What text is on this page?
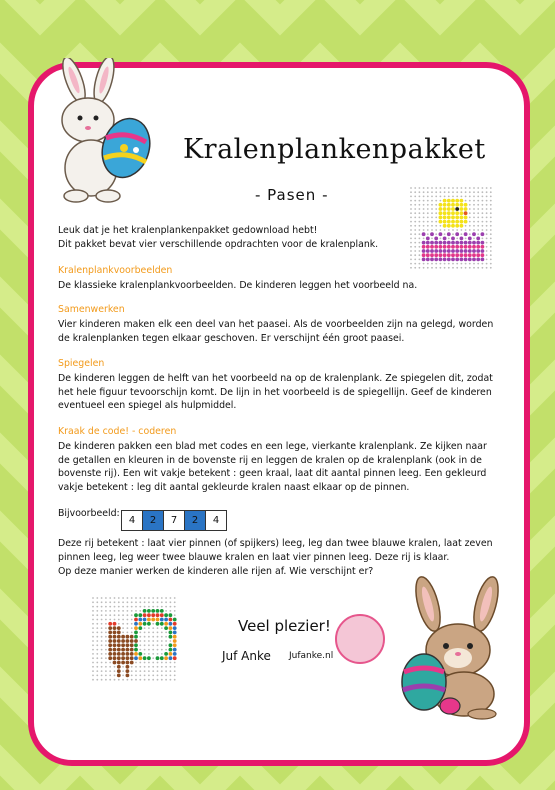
Kralenplankenpakket
- Pasen -

Leuk dat je het kralenplankenpakket gedownload hebt!

Dit pakket bevat vier verschillende opdrachten voor de kralenplank.

Kralenplankvoorbeelden

De klassieke kralenplankvoorbeelden. De kinderen leggen het voorbeeld na.

Samenwerken

Vier kinderen maken elk een deel van het paasei. Als de voorbeelden zijn na gelegd, worden de kralenplanken tegen elkaar geschoven. Er verschijnt één groot paasei.

Spiegelen

De kinderen leggen de helft van het voorbeeld na op de kralenplank. Ze spiegelen dit, zodat het hele figuur tevoorschijn komt. De lijn in het voorbeeld is de spiegellijn. Geef de kinderen eventueel een spiegel als hulpmiddel.

Kraak de code! - coderen

De kinderen pakken een blad met codes en een lege, vierkante kralenplank. Ze kijken naar de getallen en kleuren in de bovenste rij en leggen de kralen op de kralenplank (ook in de bovenste rij). Een wit vakje betekent : geen kraal, laat dit aantal pinnen leeg. Een gekleurd vakje betekent : leg dit aantal gekleurde kralen naast elkaar op de pinnen.

Bijvoorbeeld:
4	2	7	2	4

Deze rij betekent : laat vier pinnen (of spijkers) leeg, leg dan twee blauwe kralen, laat zeven pinnen leeg, leg weer twee blauwe kralen en laat vier pinnen leeg. Deze rij is klaar.

Op deze manier werken de kinderen alle rijen af. Wie verschijnt er?

Veel plezier!
Juf Anke Jufanke.nl
